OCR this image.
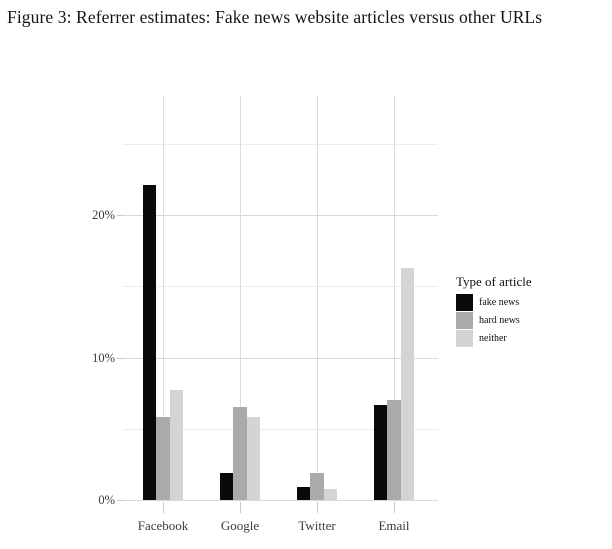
Figure 3: Referrer estimates: Fake news website articles versus other URLs
0%
10%
20%
Facebook	Google	Twitter	Email
Type of article
fake news
hard news
neither
